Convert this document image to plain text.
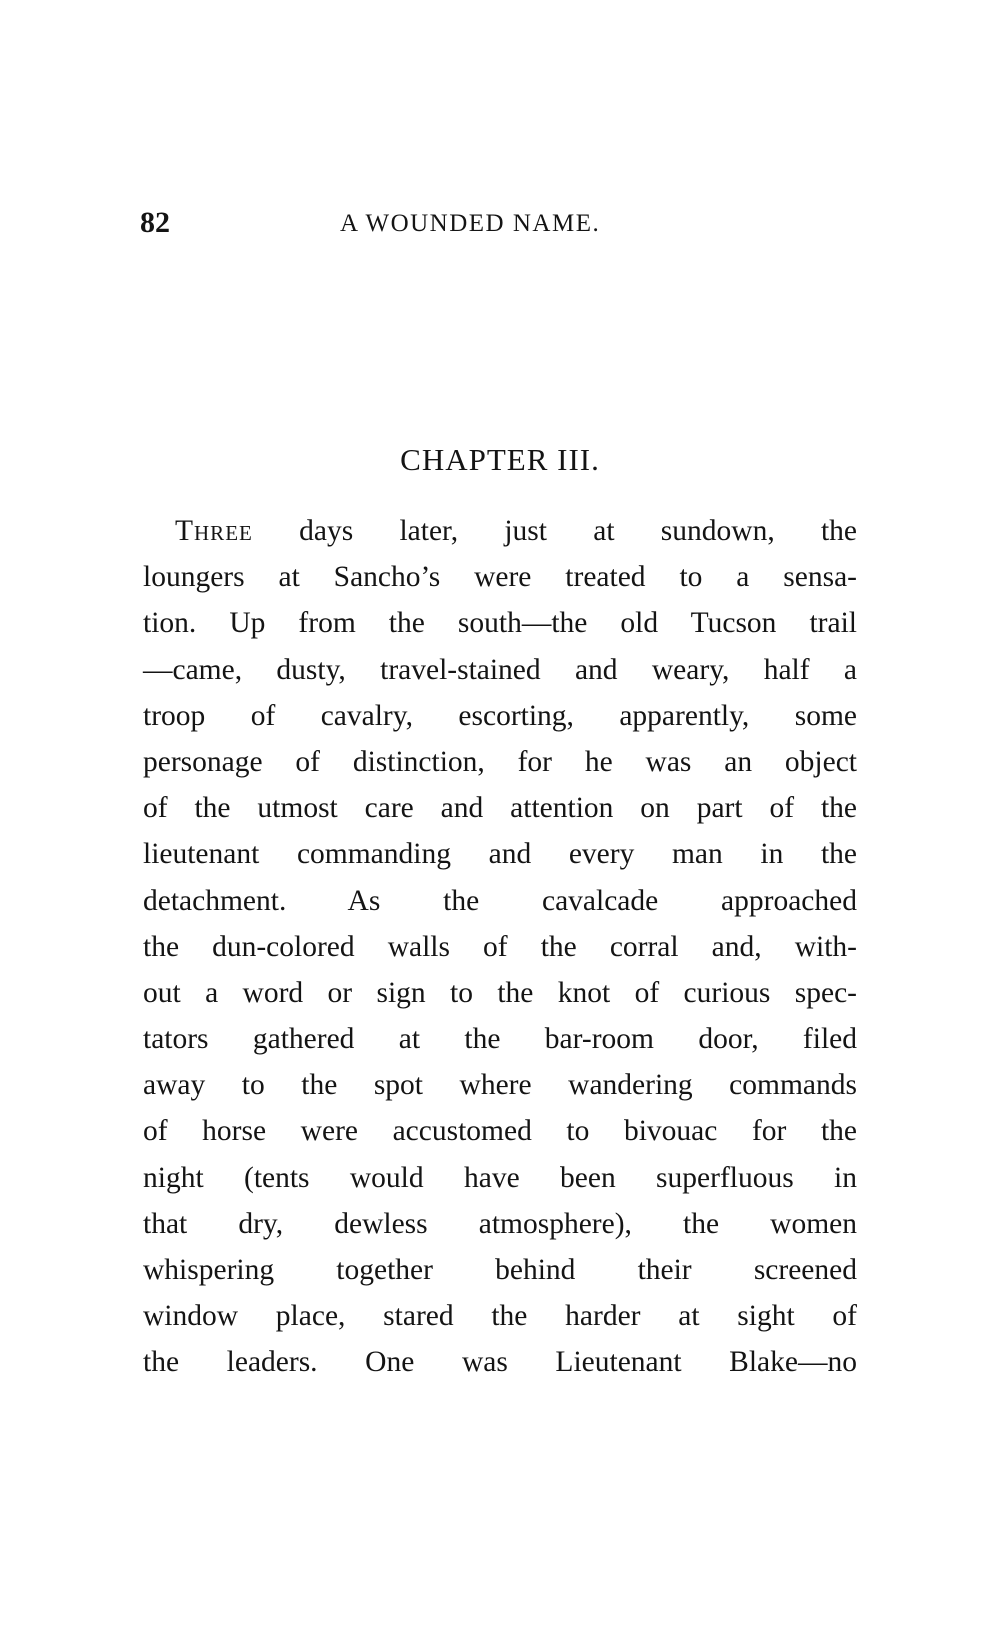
82	A WOUNDED NAME.
CHAPTER III.
Three days later, just at sundown, the
loungers at Sancho’s were treated to a sensa-
tion. Up from the south—the old Tucson trail
—came, dusty, travel-stained and weary, half a
troop of cavalry, escorting, apparently, some
personage of distinction, for he was an object
of the utmost care and attention on part of the
lieutenant commanding and every man in the
detachment. As the cavalcade approached
the dun-colored walls of the corral and, with-
out a word or sign to the knot of curious spec-
tators gathered at the bar-room door, filed
away to the spot where wandering commands
of horse were accustomed to bivouac for the
night (tents would have been superfluous in
that dry, dewless atmosphere), the women
whispering together behind their screened
window place, stared the harder at sight of
the leaders. One was Lieutenant Blake—no
